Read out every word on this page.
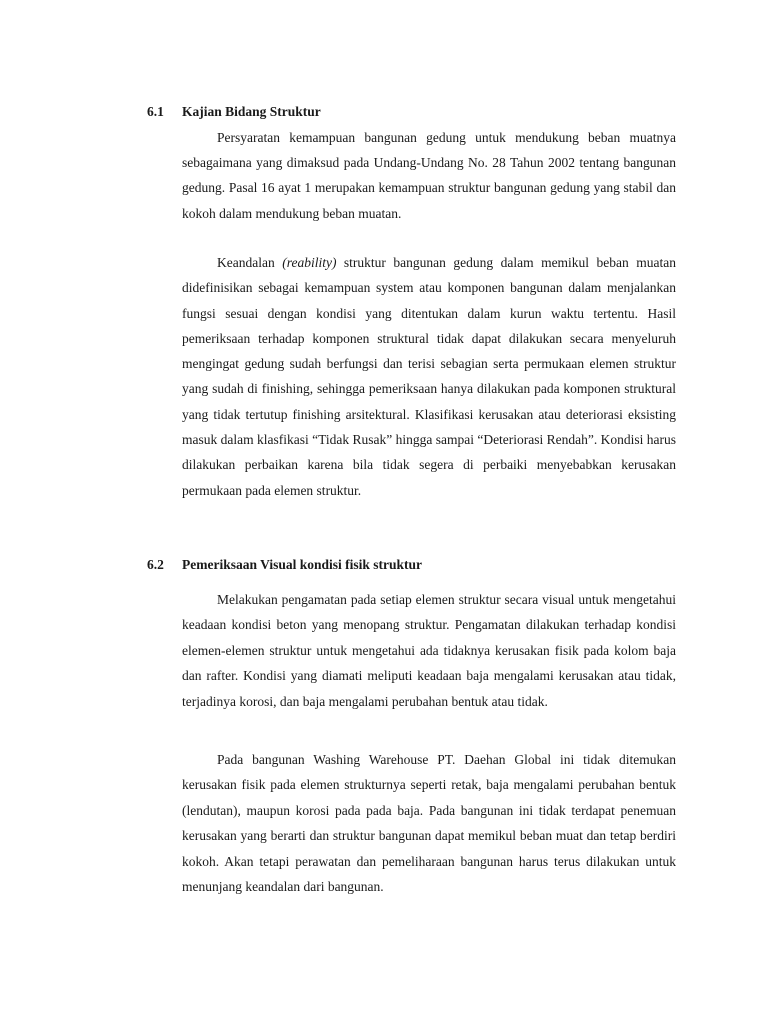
6.1 Kajian Bidang Struktur

Persyaratan kemampuan bangunan gedung untuk mendukung beban muatnya sebagaimana yang dimaksud pada Undang-Undang No. 28 Tahun 2002 tentang bangunan gedung. Pasal 16 ayat 1 merupakan kemampuan struktur bangunan gedung yang stabil dan kokoh dalam mendukung beban muatan.

Keandalan (reability) struktur bangunan gedung dalam memikul beban muatan didefinisikan sebagai kemampuan system atau komponen bangunan dalam menjalankan fungsi sesuai dengan kondisi yang ditentukan dalam kurun waktu tertentu. Hasil pemeriksaan terhadap komponen struktural tidak dapat dilakukan secara menyeluruh mengingat gedung sudah berfungsi dan terisi sebagian serta permukaan elemen struktur yang sudah di finishing, sehingga pemeriksaan hanya dilakukan pada komponen struktural yang tidak tertutup finishing arsitektural. Klasifikasi kerusakan atau deteriorasi eksisting masuk dalam klasfikasi “Tidak Rusak” hingga sampai “Deteriorasi Rendah”. Kondisi harus dilakukan perbaikan karena bila tidak segera di perbaiki menyebabkan kerusakan permukaan pada elemen struktur.

6.2 Pemeriksaan Visual kondisi fisik struktur

Melakukan pengamatan pada setiap elemen struktur secara visual untuk mengetahui keadaan kondisi beton yang menopang struktur. Pengamatan dilakukan terhadap kondisi elemen-elemen struktur untuk mengetahui ada tidaknya kerusakan fisik pada kolom baja dan rafter. Kondisi yang diamati meliputi keadaan baja mengalami kerusakan atau tidak, terjadinya korosi, dan baja mengalami perubahan bentuk atau tidak.

Pada bangunan Washing Warehouse PT. Daehan Global ini tidak ditemukan kerusakan fisik pada elemen strukturnya seperti retak, baja mengalami perubahan bentuk (lendutan), maupun korosi pada pada baja. Pada bangunan ini tidak terdapat penemuan kerusakan yang berarti dan struktur bangunan dapat memikul beban muat dan tetap berdiri kokoh. Akan tetapi perawatan dan pemeliharaan bangunan harus terus dilakukan untuk menunjang keandalan dari bangunan.
